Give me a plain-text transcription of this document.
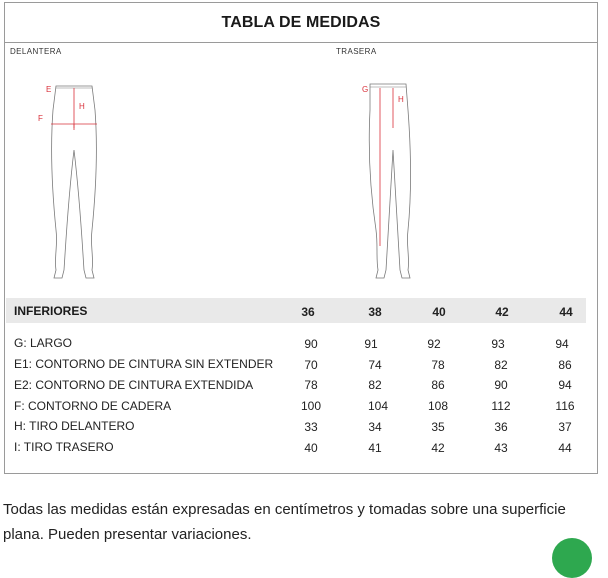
TABLA DE MEDIDAS
DELANTERA	TRASERA
E
H
F
G
H
INFERIORES	36	38	40	42	44
G: LARGO	90	91	92	93	94
E1: CONTORNO DE CINTURA SIN EXTENDER	70	74	78	82	86
E2: CONTORNO DE CINTURA EXTENDIDA	78	82	86	90	94
F: CONTORNO DE CADERA	100	104	108	112	116
H: TIRO DELANTERO	33	34	35	36	37
I: TIRO TRASERO	40	41	42	43	44
Todas las medidas están expresadas en centímetros y tomadas sobre una superficie plana. Pueden presentar variaciones.
